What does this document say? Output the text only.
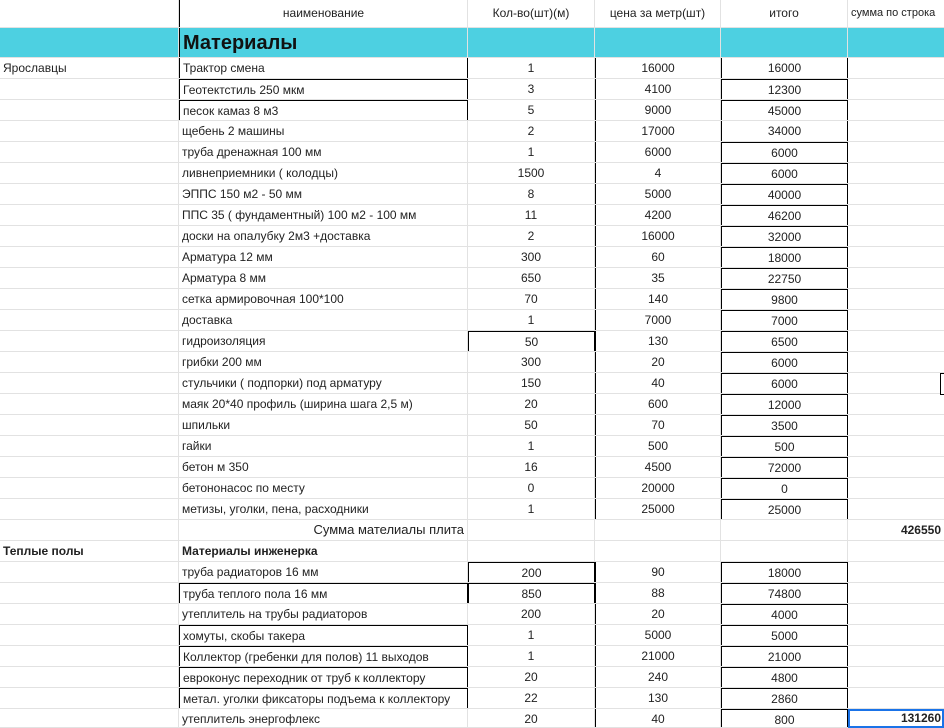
наименование	Кол-во(шт)(м)	цена за метр(шт)	итого	сумма по строка
Материалы
Ярославцы	Трактор смена	1	16000	16000
Геотектстиль 250 мкм	3	4100	12300
песок камаз 8 м3	5	9000	45000
щебень 2 машины	2	17000	34000
труба дренажная 100 мм	1	6000	6000
ливнеприемники ( колодцы)	1500	4	6000
ЭППС 150 м2 - 50 мм	8	5000	40000
ППС 35 ( фундаментный) 100 м2 - 100 мм	11	4200	46200
доски на опалубку 2м3 +доставка	2	16000	32000
Арматура 12 мм	300	60	18000
Арматура 8 мм	650	35	22750
сетка армировочная 100*100	70	140	9800
доставка	1	7000	7000
гидроизоляция	50	130	6500
грибки 200 мм	300	20	6000
стульчики ( подпорки) под арматуру	150	40	6000
маяк 20*40 профиль (ширина шага 2,5 м)	20	600	12000
шпильки	50	70	3500
гайки	1	500	500
бетон м 350	16	4500	72000
бетононасос по месту	0	20000	0
метизы, уголки, пена, расходники	1	25000	25000
Сумма мателиалы плита	426550
Теплые полы	Материалы инженерка
труба радиаторов 16 мм	200	90	18000
труба теплого пола 16 мм	850	88	74800
утеплитель на трубы радиаторов	200	20	4000
хомуты, скобы такера	1	5000	5000
Коллектор (гребенки для полов) 11 выходов	1	21000	21000
евроконус переходник от труб к коллектору	20	240	4800
метал. уголки фиксаторы подъема к коллектору	22	130	2860
утеплитель энергофлекс	20	40	800	131260
